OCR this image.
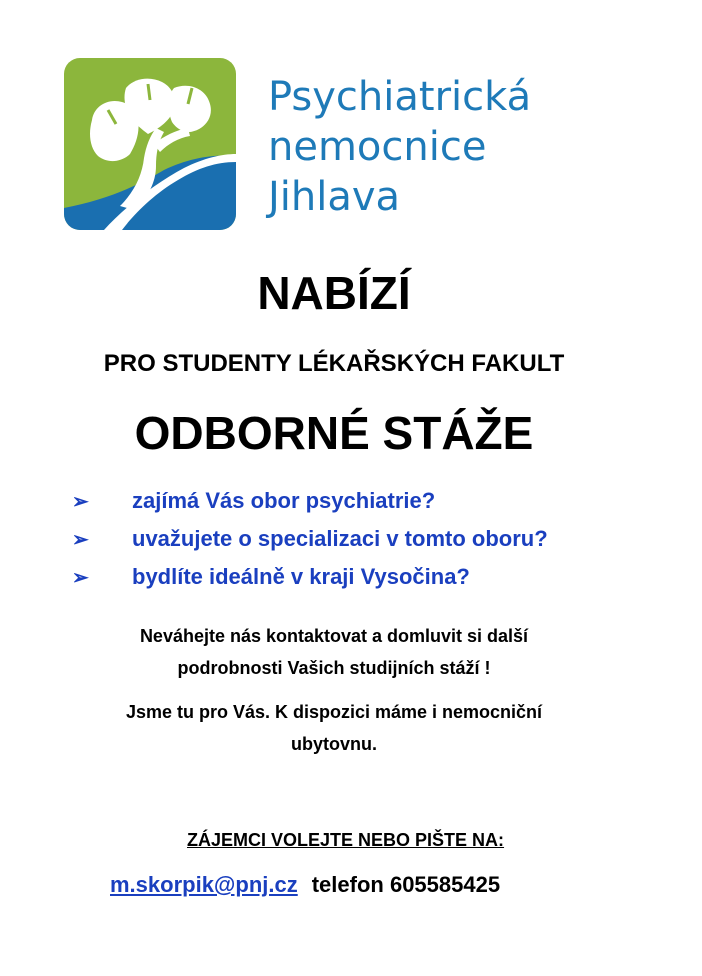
Psychiatrická
nemocnice
Jihlava
NABÍZÍ
PRO STUDENTY LÉKAŘSKÝCH FAKULT
ODBORNÉ STÁŽE
➢	zajímá Vás obor psychiatrie?
➢	uvažujete o specializaci v tomto oboru?
➢	bydlíte ideálně v kraji Vysočina?
Neváhejte nás kontaktovat a domluvit si další
podrobnosti Vašich studijních stáží !
Jsme tu pro Vás. K dispozici máme i nemocniční
ubytovnu.
ZÁJEMCI VOLEJTE NEBO PIŠTE NA:
m.skorpik@pnj.cz telefon 605585425
